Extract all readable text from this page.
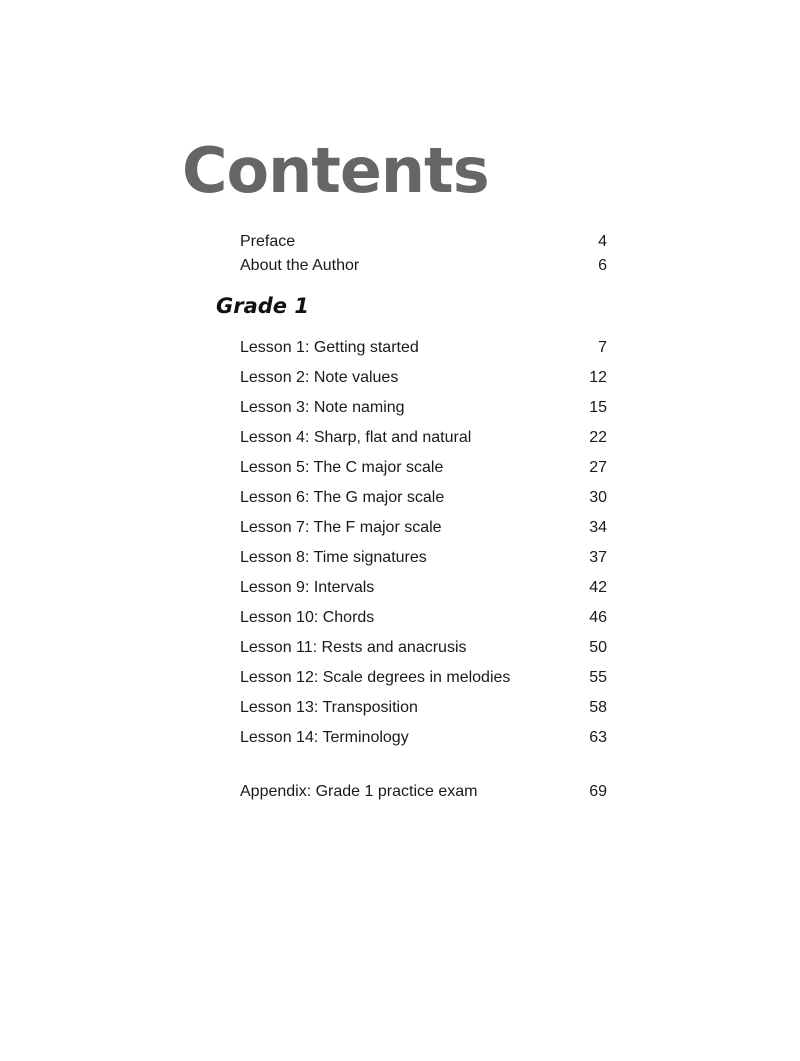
Contents
Preface	4
About the Author	6
Grade 1
Lesson 1: Getting started	7
Lesson 2: Note values	12
Lesson 3: Note naming	15
Lesson 4: Sharp, flat and natural	22
Lesson 5: The C major scale	27
Lesson 6: The G major scale	30
Lesson 7: The F major scale	34
Lesson 8: Time signatures	37
Lesson 9: Intervals	42
Lesson 10: Chords	46
Lesson 11: Rests and anacrusis	50
Lesson 12: Scale degrees in melodies	55
Lesson 13: Transposition	58
Lesson 14: Terminology	63
Appendix: Grade 1 practice exam	69
